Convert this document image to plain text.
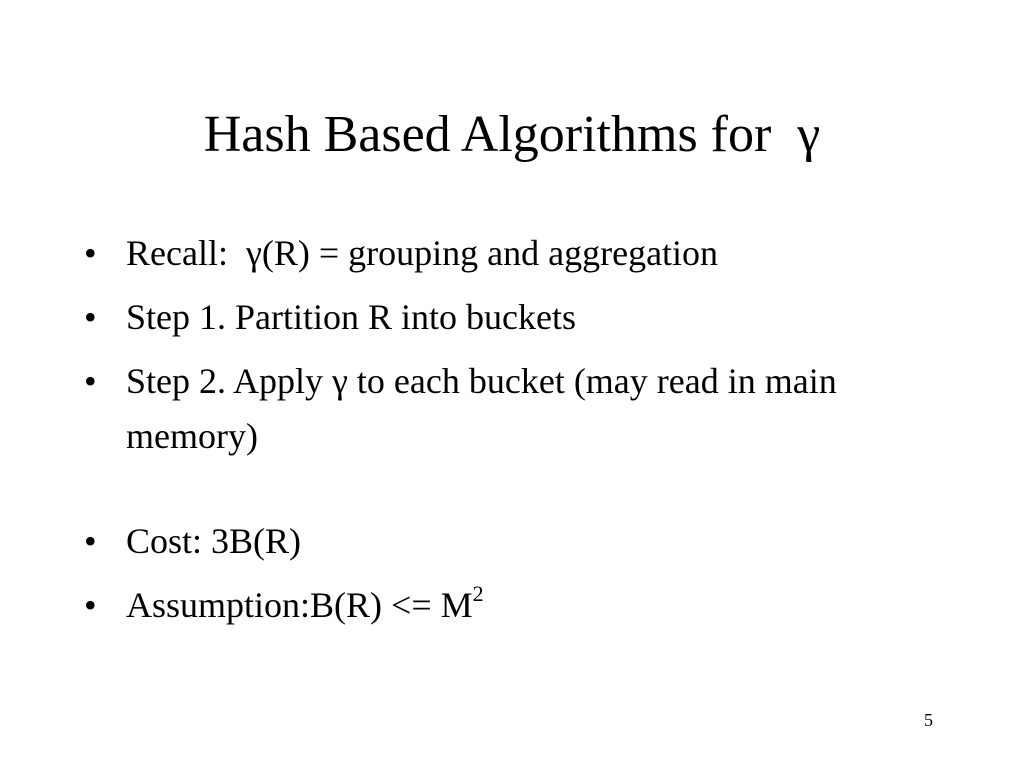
Hash Based Algorithms for  γ
• Recall:  γ(R) = grouping and aggregation
• Step 1. Partition R into buckets
• Step 2. Apply γ to each bucket (may read in main memory)
• Cost: 3B(R)
• Assumption:B(R) <= $M^2$
5
